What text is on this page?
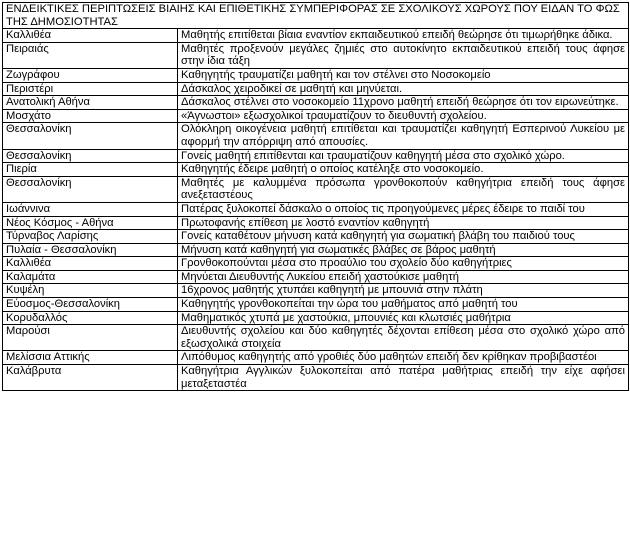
ΕΝΔΕΙΚΤΙΚΕΣ ΠΕΡΙΠΤΩΣΕΙΣ ΒΙΑΙΗΣ ΚΑΙ ΕΠΙΘΕΤΙΚΗΣ ΣΥΜΠΕΡΙΦΟΡΑΣ ΣΕ ΣΧΟΛΙΚΟΥΣ ΧΩΡΟΥΣ ΠΟΥ ΕΙΔΑΝ ΤΟ ΦΩΣ ΤΗΣ ΔΗΜΟΣΙΟΤΗΤΑΣ	
Καλλιθέα	Μαθητής επιτίθεται βίαια εναντίον εκπαιδευτικού επειδή θεώρησε ότι τιμωρήθηκε άδικα.
Πειραιάς	Μαθητές προξενούν μεγάλες ζημιές στο αυτοκίνητο εκπαιδευτικού επειδή τους άφησε στην ίδια τάξη
Ζωγράφου	Καθηγητής τραυματίζει μαθητή και τον στέλνει στο Νοσοκομείο
Περιστέρι	Δάσκαλος χειροδικεί σε μαθητή και μηνύεται.
Ανατολική Αθήνα	Δάσκαλος στέλνει στο νοσοκομείο 11χρονο μαθητή επειδή θεώρησε ότι τον ειρωνεύτηκε.
Μοσχάτο	«Άγνωστοι» εξωσχολικοί τραυματίζουν το διευθυντή σχολείου.
Θεσσαλονίκη	Ολόκληρη οικογένεια μαθητή επιτίθεται και τραυματίζει καθηγητή Εσπερινού Λυκείου με αφορμή την απόρριψη από απουσίες.
Θεσσαλονίκη	Γονείς μαθητή επιτίθενται και τραυματίζουν καθηγητή μέσα στο σχολικό χώρο.
Πιερία	Καθηγητής έδειρε μαθητή ο οποίος κατέληξε στο νοσοκομείο.
Θεσσαλονίκη	Μαθητές με καλυμμένα πρόσωπα γρονθοκοπούν καθηγήτρια επειδή τους άφησε ανεξεταστέους
Ιωάννινα	Πατέρας ξυλοκοπεί δάσκαλο ο οποίος τις προηγούμενες μέρες έδειρε το παιδί του
Νέος Κόσμος - Αθήνα	Πρωτοφανής επίθεση με λοστό εναντίον καθηγητή
Τύρναβος Λαρίσης	Γονείς καταθέτουν μήνυση κατά καθηγητή για σωματική βλάβη του παιδιού τους
Πυλαία - Θεσσαλονίκη	Μήνυση κατά καθηγητή για σωματικές βλάβες σε βάρος μαθητή
Καλλιθέα	Γρονθοκοπούνται μέσα στο προαύλιο του σχολείο δύο καθηγήτριες
Καλαμάτα	Μηνύεται Διευθυντής Λυκείου επειδή χαστούκισε μαθητή
Κυψέλη	16χρονος μαθητής χτυπάει καθηγητή με μπουνιά στην πλάτη
Εύοσμος-Θεσσαλονίκη	Καθηγητής γρονθοκοπείται την ώρα του μαθήματος από μαθητή του
Κορυδαλλός	Μαθηματικός χτυπά με χαστούκια, μπουνιές και κλωτσιές μαθήτρια
Μαρούσι	Διευθυντής σχολείου και δύο καθηγητές δέχονται επίθεση μέσα στο σχολικό χώρο από εξωσχολικά στοιχεία
Μελίσσια Αττικής	Λιπόθυμος καθηγητής από γροθιές δύο μαθητών επειδή δεν κρίθηκαν προβιβαστέοι
Καλάβρυτα	Καθηγήτρια Αγγλικών ξυλοκοπείται από πατέρα μαθήτριας επειδή την είχε αφήσει μεταξεταστέα
